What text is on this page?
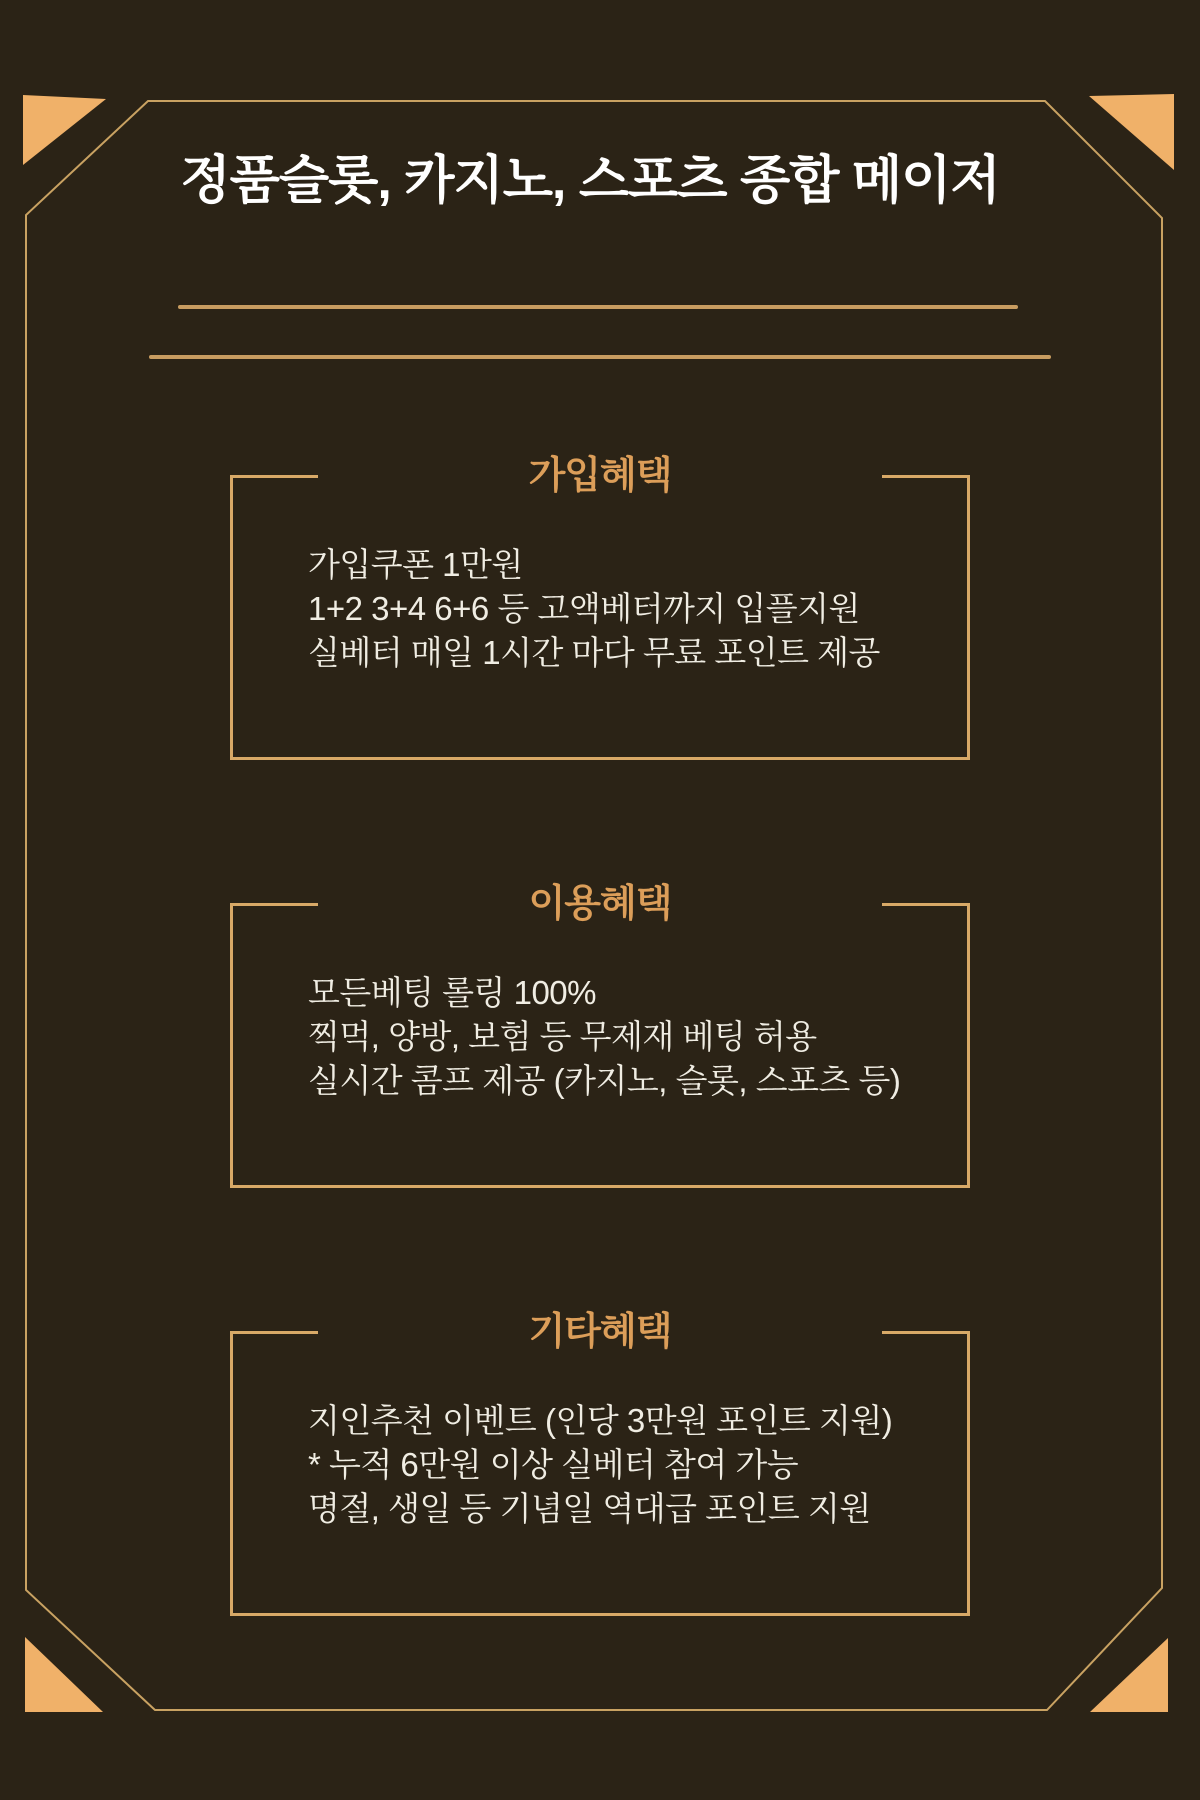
정품슬롯, 카지노, 스포츠 종합 메이저
가입혜택

가입쿠폰 1만원

1+2 3+4 6+6 등 고액베터까지 입플지원

실베터 매일 1시간 마다 무료 포인트 제공

이용혜택

모든베팅 롤링 100%

찍먹, 양방, 보험 등 무제재 베팅 허용

실시간 콤프 제공 (카지노, 슬롯, 스포츠 등)

기타혜택

지인추천 이벤트 (인당 3만원 포인트 지원)

* 누적 6만원 이상 실베터 참여 가능

명절, 생일 등 기념일 역대급 포인트 지원
